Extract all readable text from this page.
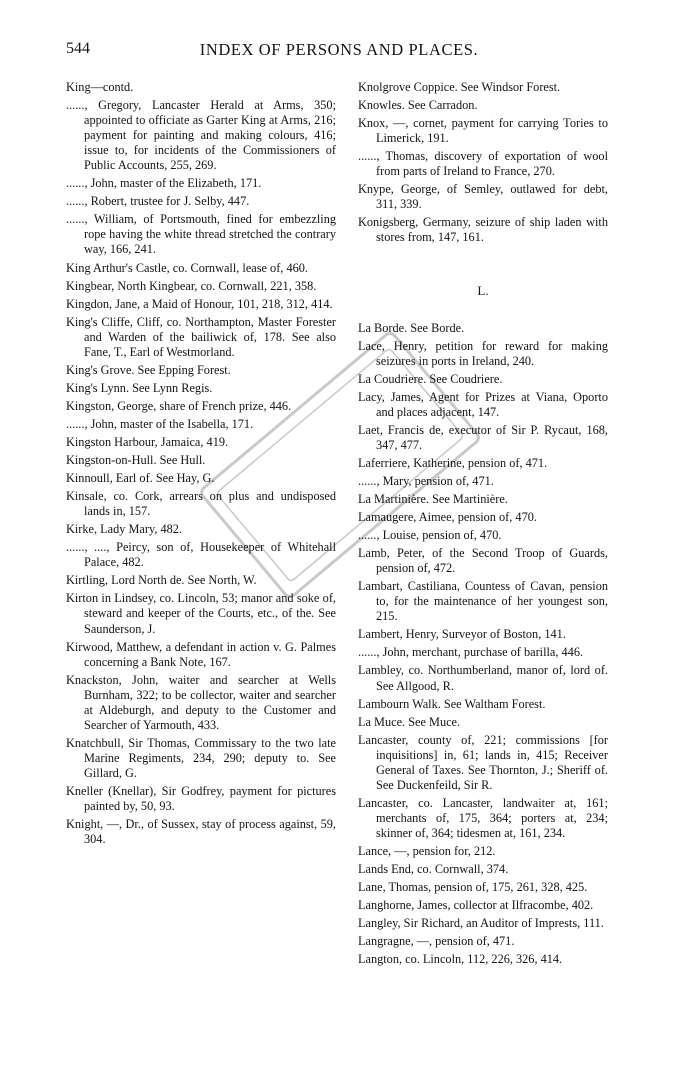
544	INDEX OF PERSONS AND PLACES.

King—contd.

......, Gregory, Lancaster Herald at Arms, 350; appointed to officiate as Garter King at Arms, 216; payment for painting and making colours, 416; issue to, for incidents of the Commissioners of Public Accounts, 255, 269.

......, John, master of the Elizabeth, 171.

......, Robert, trustee for J. Selby, 447.

......, William, of Portsmouth, fined for embezzling rope having the white thread stretched the contrary way, 166, 241.

King Arthur's Castle, co. Cornwall, lease of, 460.

Kingbear, North Kingbear, co. Cornwall, 221, 358.

Kingdon, Jane, a Maid of Honour, 101, 218, 312, 414.

King's Cliffe, Cliff, co. Northampton, Master Forester and Warden of the bailiwick of, 178. See also Fane, T., Earl of Westmorland.

King's Grove. See Epping Forest.

King's Lynn. See Lynn Regis.

Kingston, George, share of French prize, 446.

......, John, master of the Isabella, 171.

Kingston Harbour, Jamaica, 419.

Kingston-on-Hull. See Hull.

Kinnoull, Earl of. See Hay, G.

Kinsale, co. Cork, arrears on plus and undisposed lands in, 157.

Kirke, Lady Mary, 482.

......, ...., Peircy, son of, Housekeeper of Whitehall Palace, 482.

Kirtling, Lord North de. See North, W.

Kirton in Lindsey, co. Lincoln, 53; manor and soke of, steward and keeper of the Courts, etc., of the. See Saunderson, J.

Kirwood, Matthew, a defendant in action v. G. Palmes concerning a Bank Note, 167.

Knackston, John, waiter and searcher at Wells Burnham, 322; to be collector, waiter and searcher at Aldeburgh, and deputy to the Customer and Searcher of Yarmouth, 433.

Knatchbull, Sir Thomas, Commissary to the two late Marine Regiments, 234, 290; deputy to. See Gillard, G.

Kneller (Knellar), Sir Godfrey, payment for pictures painted by, 50, 93.

Knight, —, Dr., of Sussex, stay of process against, 59, 304.

Knolgrove Coppice. See Windsor Forest.

Knowles. See Carradon.

Knox, —, cornet, payment for carrying Tories to Limerick, 191.

......, Thomas, discovery of exportation of wool from parts of Ireland to France, 270.

Knype, George, of Semley, outlawed for debt, 311, 339.

Konigsberg, Germany, seizure of ship laden with stores from, 147, 161.

L.

La Borde. See Borde.

Lace, Henry, petition for reward for making seizures in ports in Ireland, 240.

La Coudriere. See Coudriere.

Lacy, James, Agent for Prizes at Viana, Oporto and places adjacent, 147.

Laet, Francis de, executor of Sir P. Rycaut, 168, 347, 477.

Laferriere, Katherine, pension of, 471.

......, Mary, pension of, 471.

La Martinière. See Martinière.

Lamaugere, Aimee, pension of, 470.

......, Louise, pension of, 470.

Lamb, Peter, of the Second Troop of Guards, pension of, 472.

Lambart, Castiliana, Countess of Cavan, pension to, for the maintenance of her youngest son, 215.

Lambert, Henry, Surveyor of Boston, 141.

......, John, merchant, purchase of barilla, 446.

Lambley, co. Northumberland, manor of, lord of. See Allgood, R.

Lambourn Walk. See Waltham Forest.

La Muce. See Muce.

Lancaster, county of, 221; commissions [for inquisitions] in, 61; lands in, 415; Receiver General of Taxes. See Thornton, J.; Sheriff of. See Duckenfeild, Sir R.

Lancaster, co. Lancaster, landwaiter at, 161; merchants of, 175, 364; porters at, 234; skinner of, 364; tidesmen at, 161, 234.

Lance, —, pension for, 212.

Lands End, co. Cornwall, 374.

Lane, Thomas, pension of, 175, 261, 328, 425.

Langhorne, James, collector at Ilfracombe, 402.

Langley, Sir Richard, an Auditor of Imprests, 111.

Langragne, —, pension of, 471.

Langton, co. Lincoln, 112, 226, 326, 414.
